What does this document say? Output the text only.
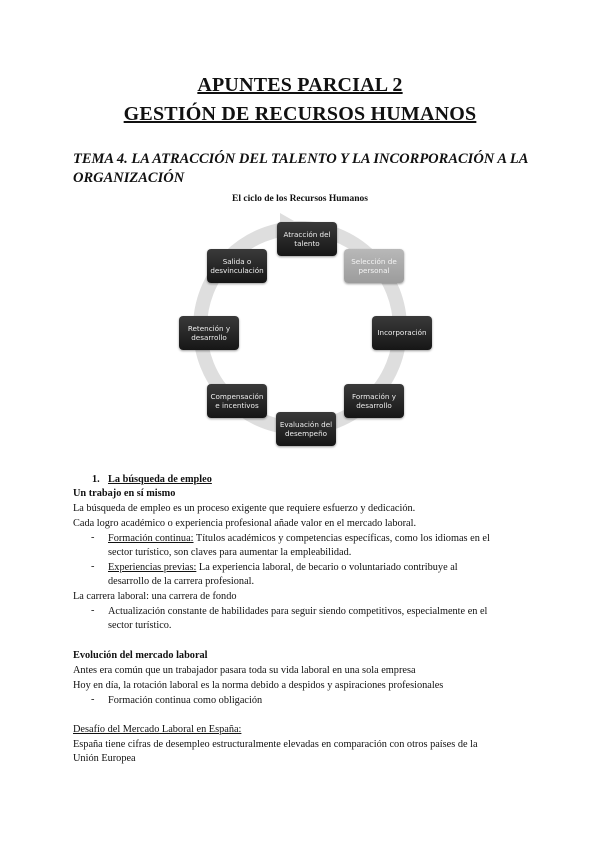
APUNTES PARCIAL 2
GESTIÓN DE RECURSOS HUMANOS
TEMA 4. LA ATRACCIÓN DEL TALENTO Y LA INCORPORACIÓN A LA ORGANIZACIÓN
El ciclo de los Recursos Humanos
Atracción del talento
Selección de personal
Incorporación
Formación y desarrollo
Evaluación del desempeño
Compensación e incentivos
Retención y desarrollo
Salida o desvinculación
1. La búsqueda de empleo
Un trabajo en sí mismo
La búsqueda de empleo es un proceso exigente que requiere esfuerzo y dedicación.
Cada logro académico o experiencia profesional añade valor en el mercado laboral.
- Formación continua: Títulos académicos y competencias específicas, como los idiomas en el
sector turístico, son claves para aumentar la empleabilidad.
- Experiencias previas: La experiencia laboral, de becario o voluntariado contribuye al
desarrollo de la carrera profesional.
La carrera laboral: una carrera de fondo
- Actualización constante de habilidades para seguir siendo competitivos, especialmente en el
sector turístico.
Evolución del mercado laboral
Antes era común que un trabajador pasara toda su vida laboral en una sola empresa
Hoy en día, la rotación laboral es la norma debido a despidos y aspiraciones profesionales
- Formación continua como obligación
Desafío del Mercado Laboral en España:
España tiene cifras de desempleo estructuralmente elevadas en comparación con otros países de la
Unión Europea
